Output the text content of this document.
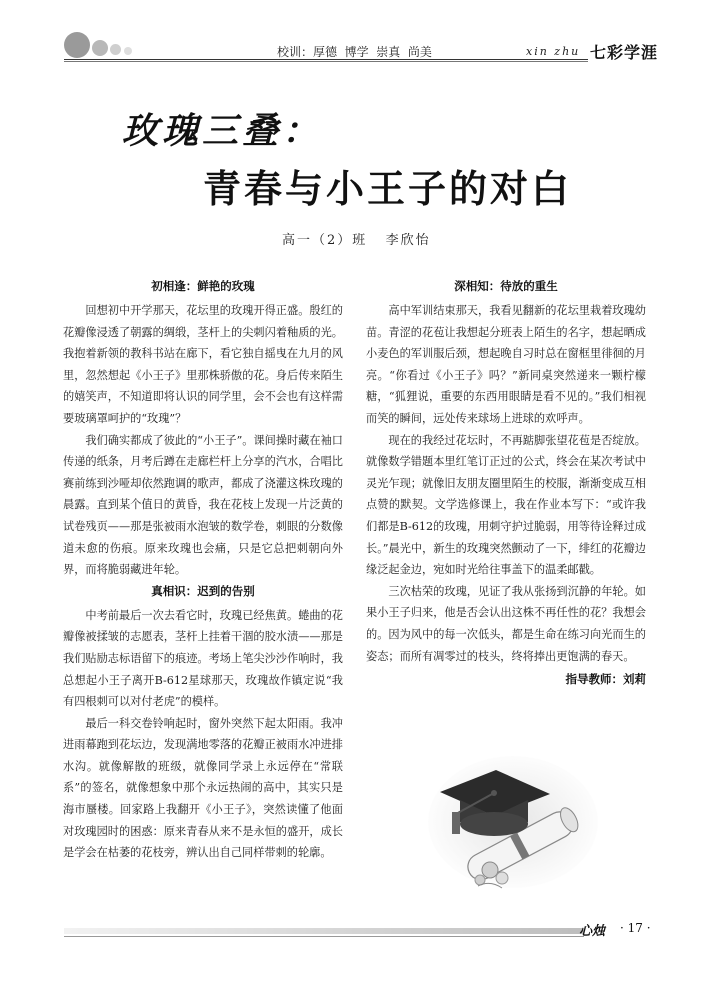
校训：厚德  博学  崇真  尚美	xin zhu 七彩学涯
玫瑰三叠：
青春与小王子的对白
高一（2）班   李欣怡
初相逢：鲜艳的玫瑰

回想初中开学那天，花坛里的玫瑰开得正盛。殷红的花瓣像浸透了朝露的绸缎，茎杆上的尖刺闪着釉质的光。我抱着新领的教科书站在廊下，看它独自摇曳在九月的风里，忽然想起《小王子》里那株骄傲的花。身后传来陌生的嬉笑声，不知道即将认识的同学里，会不会也有这样需要玻璃罩呵护的“玫瑰”？

我们确实都成了彼此的“小王子”。课间操时藏在袖口传递的纸条，月考后蹲在走廊栏杆上分享的汽水，合唱比赛前练到沙哑却依然跑调的歌声，都成了浇灌这株玫瑰的晨露。直到某个值日的黄昏，我在花枝上发现一片泛黄的试卷残页——那是张被雨水泡皱的数学卷，刺眼的分数像道未愈的伤痕。原来玫瑰也会痛，只是它总把刺朝向外界，而将脆弱藏进年轮。

真相识：迟到的告别

中考前最后一次去看它时，玫瑰已经焦黄。蜷曲的花瓣像被揉皱的志愿表，茎杆上挂着干涸的胶水渍——那是我们贴励志标语留下的痕迹。考场上笔尖沙沙作响时，我总想起小王子离开B-612星球那天，玫瑰故作镇定说“我有四根刺可以对付老虎”的模样。

最后一科交卷铃响起时，窗外突然下起太阳雨。我冲进雨幕跑到花坛边，发现满地零落的花瓣正被雨水冲进排水沟。就像解散的班级，就像同学录上永远停在“常联系”的签名，就像想象中那个永远热闹的高中，其实只是海市蜃楼。回家路上我翻开《小王子》，突然读懂了他面对玫瑰园时的困惑：原来青春从来不是永恒的盛开，成长是学会在枯萎的花枝旁，辨认出自己同样带刺的轮廓。

深相知：待放的重生

高中军训结束那天，我看见翻新的花坛里栽着玫瑰幼苗。青涩的花苞让我想起分班表上陌生的名字，想起晒成小麦色的军训服后颈，想起晚自习时总在窗框里徘徊的月亮。“你看过《小王子》吗？”新同桌突然递来一颗柠檬糖，“狐狸说，重要的东西用眼睛是看不见的。”我们相视而笑的瞬间，远处传来球场上进球的欢呼声。

现在的我经过花坛时，不再踮脚张望花苞是否绽放。就像数学错题本里红笔订正过的公式，终会在某次考试中灵光乍现；就像旧友朋友圈里陌生的校服，渐渐变成互相点赞的默契。文学选修课上，我在作业本写下：“或许我们都是B-612的玫瑰，用刺守护过脆弱，用等待诠释过成长。”晨光中，新生的玫瑰突然颤动了一下，绯红的花瓣边缘泛起金边，宛如时光给往事盖下的温柔邮戳。

三次枯荣的玫瑰，见证了我从张扬到沉静的年轮。如果小王子归来，他是否会认出这株不再任性的花？我想会的。因为风中的每一次低头，都是生命在练习向光而生的姿态；而所有凋零过的枝头，终将捧出更饱满的春天。

指导教师：刘莉
心烛 · 17 ·
